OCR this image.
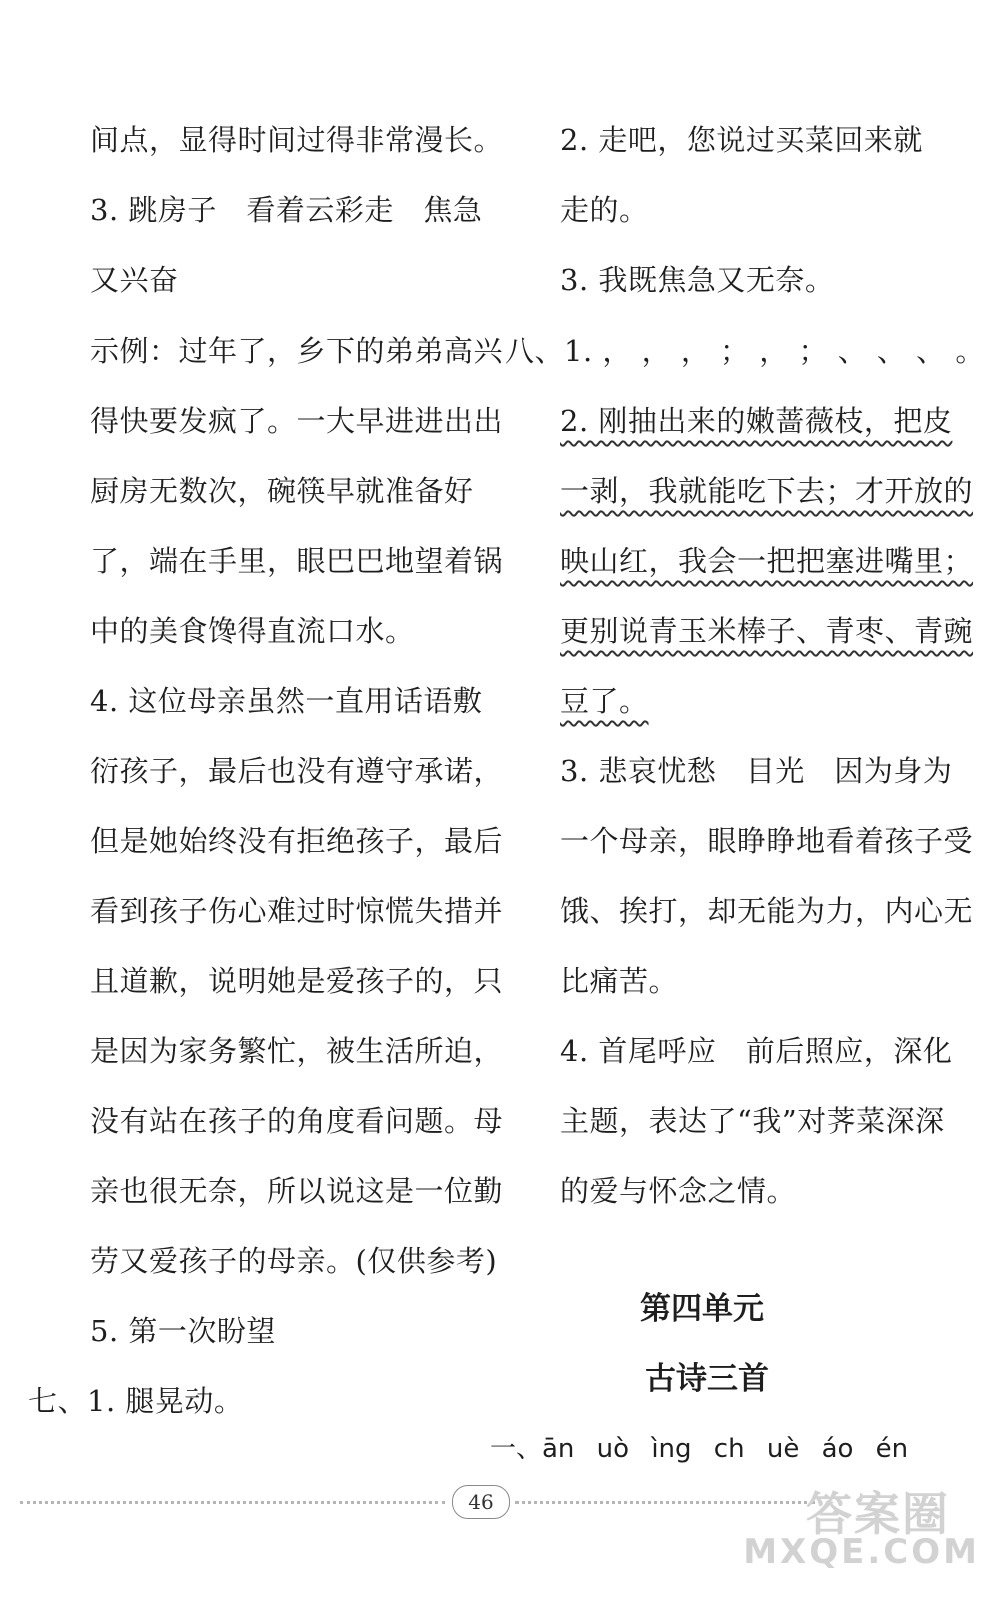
间点，显得时间过得非常漫长。
3. 跳房子　看着云彩走　焦急
又兴奋
示例：过年了，乡下的弟弟高兴
得快要发疯了。一大早进进出出
厨房无数次，碗筷早就准备好
了，端在手里，眼巴巴地望着锅
中的美食馋得直流口水。
4. 这位母亲虽然一直用话语敷
衍孩子，最后也没有遵守承诺，
但是她始终没有拒绝孩子，最后
看到孩子伤心难过时惊慌失措并
且道歉，说明她是爱孩子的，只
是因为家务繁忙，被生活所迫，
没有站在孩子的角度看问题。母
亲也很无奈，所以说这是一位勤
劳又爱孩子的母亲。(仅供参考)
5. 第一次盼望
七、1. 腿晃动。
2. 走吧，您说过买菜回来就
走的。
3. 我既焦急又无奈。
八、1. ， ， ， ； ， ； 、 、 、 。
2. 刚抽出来的嫩蔷薇枝，把皮
一剥，我就能吃下去；才开放的
映山红，我会一把把塞进嘴里；
更别说青玉米棒子、青枣、青豌
豆了。
3. 悲哀忧愁　目光　因为身为
一个母亲，眼睁睁地看着孩子受
饿、挨打，却无能为力，内心无
比痛苦。
4. 首尾呼应　前后照应，深化
主题，表达了“我”对荠菜深深
的爱与怀念之情。
第四单元
古诗三首
一、ān uò ìng ch uè áo én
46	答案圈
MXQE.COM
